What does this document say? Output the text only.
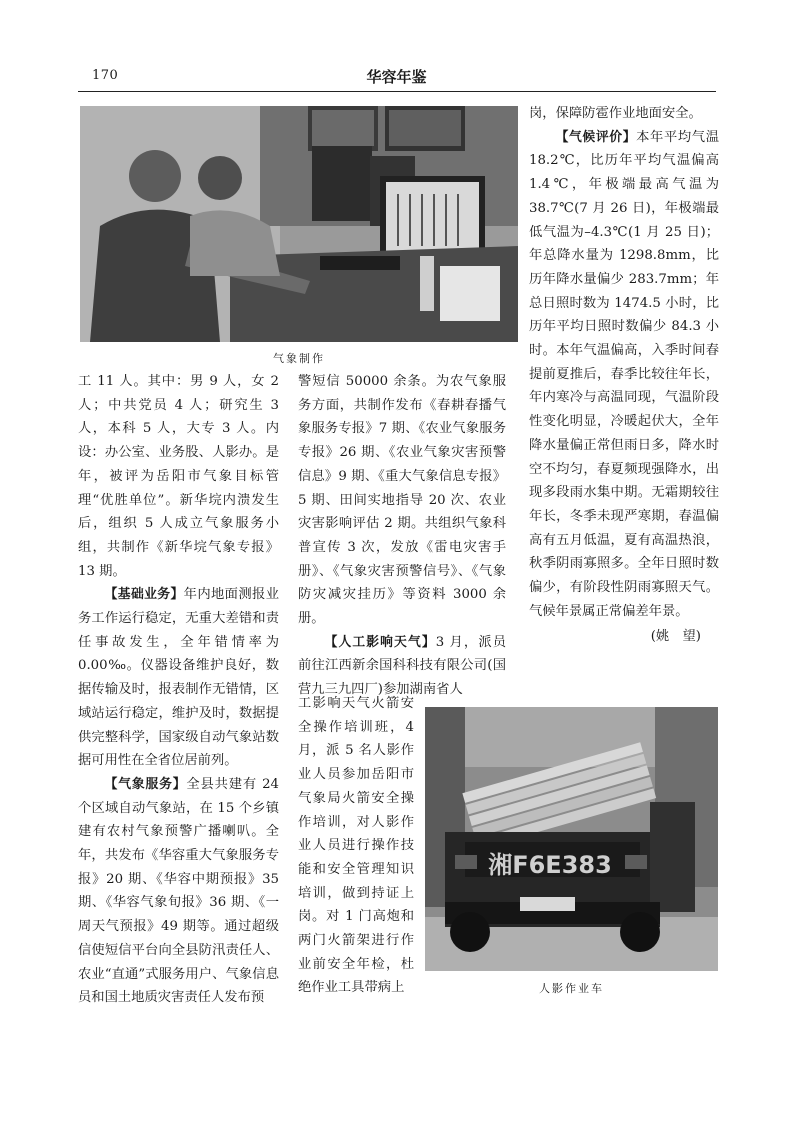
170	华容年鉴
气象制作

工 11 人。其中：男 9 人，女 2 人；中共党员 4 人；研究生 3 人，本科 5 人，大专 3 人。内设：办公室、业务股、人影办。是年，被评为岳阳市气象目标管理“优胜单位”。新华垸内溃发生后，组织 5 人成立气象服务小组，共制作《新华垸气象专报》13 期。

【基础业务】年内地面测报业务工作运行稳定，无重大差错和责任事故发生，全年错情率为 0.00‰。仪器设备维护良好，数据传输及时，报表制作无错情，区域站运行稳定，维护及时，数据提供完整科学，国家级自动气象站数据可用性在全省位居前列。

【气象服务】全县共建有 24 个区域自动气象站，在 15 个乡镇建有农村气象预警广播喇叭。全年，共发布《华容重大气象服务专报》20 期、《华容中期预报》35 期、《华容气象旬报》36 期、《一周天气预报》49 期等。通过超级信使短信平台向全县防汛责任人、农业“直通”式服务用户、气象信息员和国土地质灾害责任人发布预

警短信 50000 余条。为农气象服务方面，共制作发布《春耕春播气象服务专报》7 期、《农业气象服务专报》26 期、《农业气象灾害预警信息》9 期、《重大气象信息专报》5 期、田间实地指导 20 次、农业灾害影响评估 2 期。共组织气象科普宣传 3 次，发放《雷电灾害手册》、《气象灾害预警信号》、《气象防灾减灾挂历》等资料 3000 余册。

【人工影响天气】3 月，派员前往江西新余国科科技有限公司(国营九三九四厂)参加湖南省人

工影响天气火箭安全操作培训班，4 月，派 5 名人影作业人员参加岳阳市气象局火箭安全操作培训，对人影作业人员进行操作技能和安全管理知识培训，做到持证上岗。对 1 门高炮和两门火箭架进行作业前安全年检，杜绝作业工具带病上

岗，保障防雹作业地面安全。

【气候评价】本年平均气温 18.2℃，比历年平均气温偏高 1.4℃，年极端最高气温为 38.7℃(7 月 26 日)，年极端最低气温为–4.3℃(1 月 25 日)；年总降水量为 1298.8mm，比历年降水量偏少 283.7mm；年总日照时数为 1474.5 小时，比历年平均日照时数偏少 84.3 小时。本年气温偏高，入季时间春提前夏推后，春季比较往年长，年内寒冷与高温同现，气温阶段性变化明显，冷暖起伏大，全年降水量偏正常但雨日多，降水时空不均匀，春夏频现强降水，出现多段雨水集中期。无霜期较往年长，冬季未现严寒期，春温偏高有五月低温，夏有高温热浪，秋季阴雨寡照多。全年日照时数偏少，有阶段性阴雨寡照天气。气候年景属正常偏差年景。

(姚　望)

湘F6E383
人影作业车
